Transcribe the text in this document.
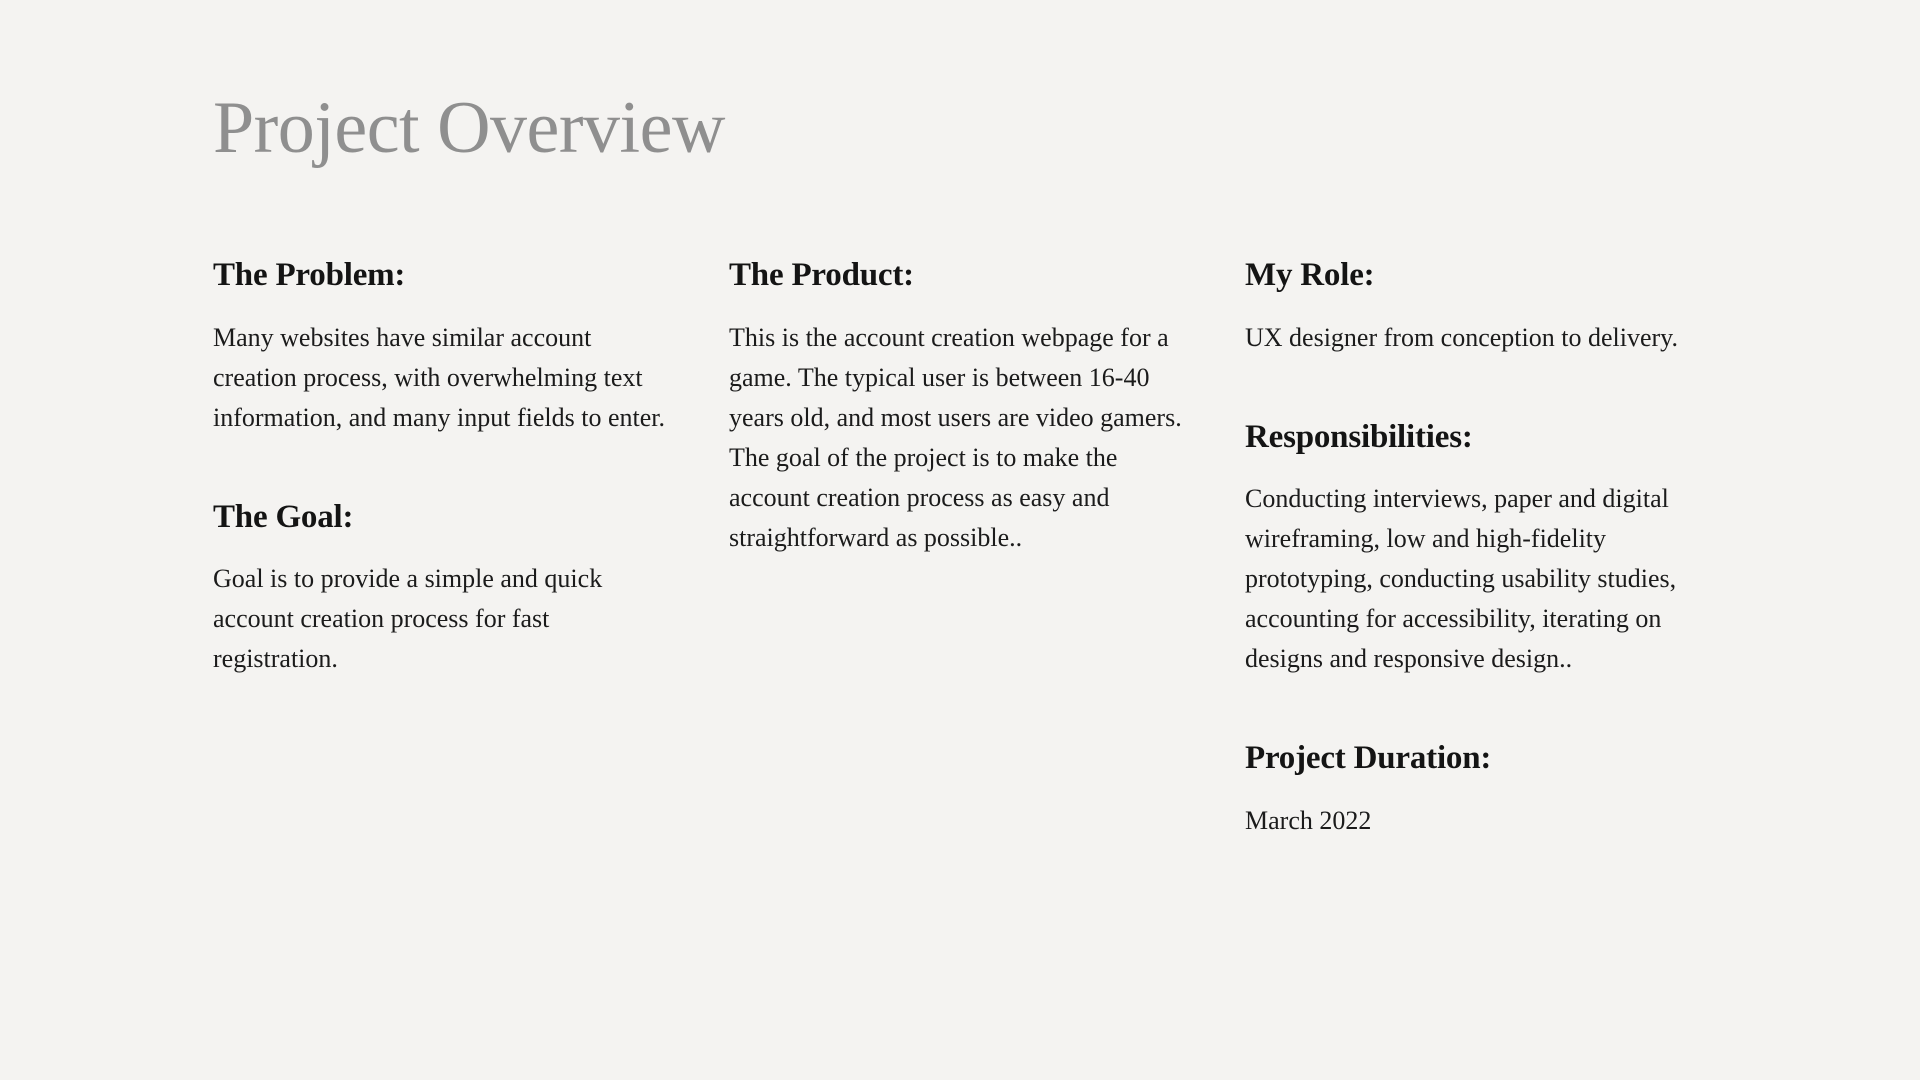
Project Overview
The Problem:

Many websites have similar account creation process, with overwhelming text information, and many input fields to enter.

The Goal:

Goal is to provide a simple and quick account creation process for fast registration.

The Product:

This is the account creation webpage for a game. The typical user is between 16-40 years old, and most users are video gamers. The goal of the project is to make the account creation process as easy and straightforward as possible..

My Role:

UX designer from conception to delivery.

Responsibilities:

Conducting interviews, paper and digital wireframing, low and high-fidelity prototyping, conducting usability studies, accounting for accessibility, iterating on designs and responsive design..

Project Duration:

March 2022
